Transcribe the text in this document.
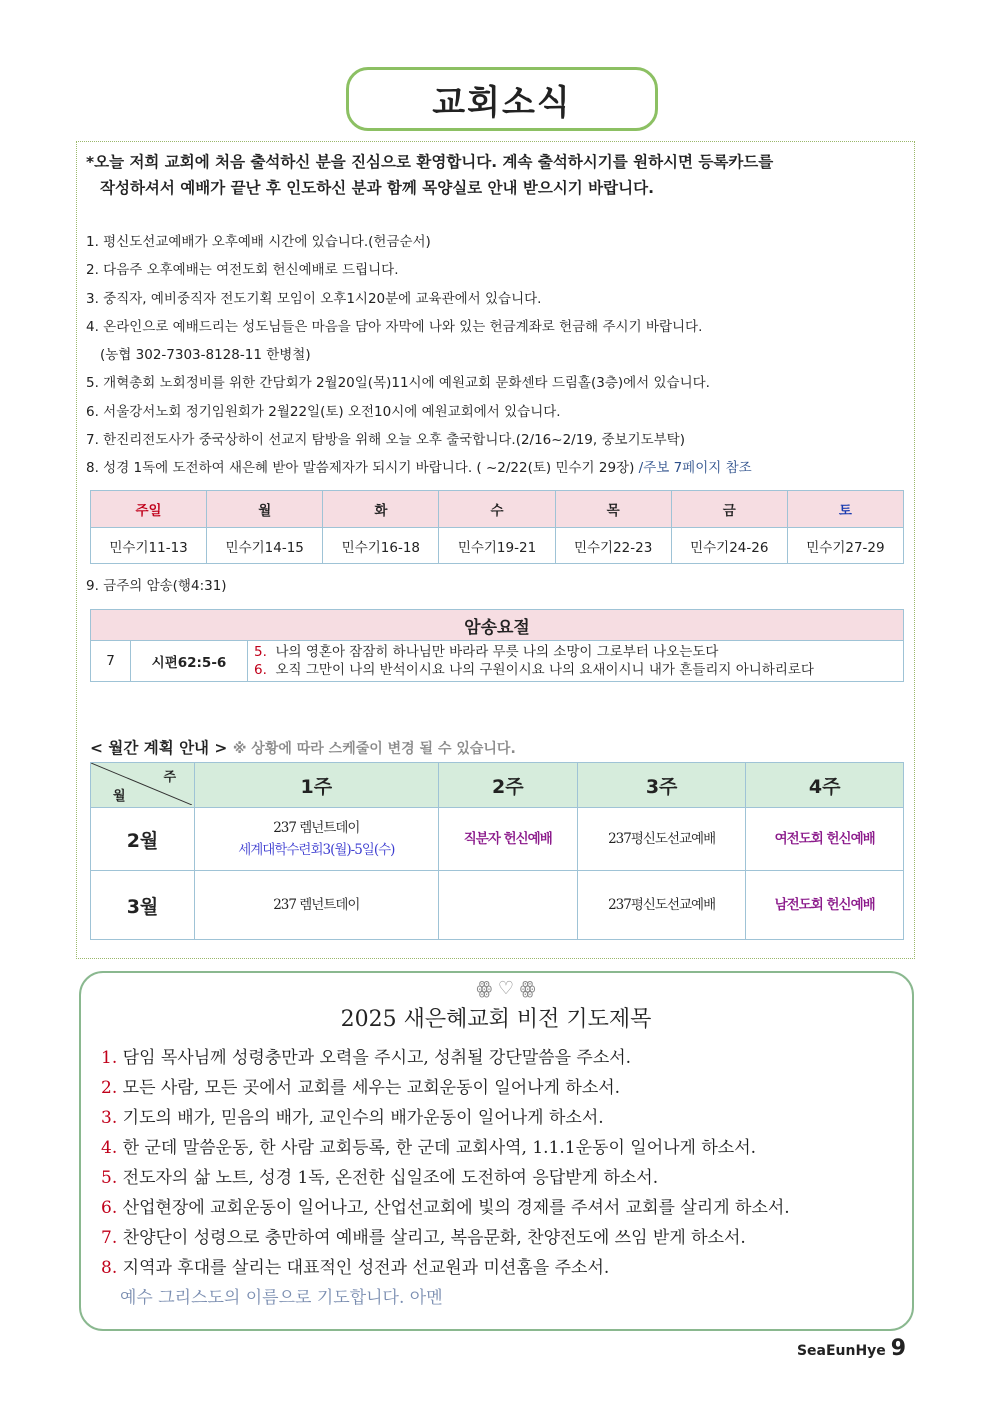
교회소식
*오늘 저희 교회에 처음 출석하신 분을 진심으로 환영합니다. 계속 출석하시기를 원하시면 등록카드를
작성하셔서 예배가 끝난 후 인도하신 분과 함께 목양실로 안내 받으시기 바랍니다.
1. 평신도선교예배가 오후예배 시간에 있습니다.(헌금순서)
2. 다음주 오후예배는 여전도회 헌신예배로 드립니다.
3. 중직자, 예비중직자 전도기획 모임이 오후1시20분에 교육관에서 있습니다.
4. 온라인으로 예배드리는 성도님들은 마음을 담아 자막에 나와 있는 헌금계좌로 헌금해 주시기 바랍니다.
(농협 302-7303-8128-11 한병철)
5. 개혁총회 노회정비를 위한 간담회가 2월20일(목)11시에 예원교회 문화센타 드림홀(3층)에서 있습니다.
6. 서울강서노회 정기임원회가 2월22일(토) 오전10시에 예원교회에서 있습니다.
7. 한진리전도사가 중국상하이 선교지 탐방을 위해 오늘 오후 출국합니다.(2/16~2/19, 중보기도부탁)
8. 성경 1독에 도전하여 새은혜 받아 말씀제자가 되시기 바랍니다. ( ~2/22(토) 민수기 29장) /주보 7페이지 참조
주일	월	화	수	목	금	토
민수기11-13	민수기14-15	민수기16-18	민수기19-21	민수기22-23	민수기24-26	민수기27-29
9. 금주의 암송(행4:31)
암송요절
7	시편62:5-6	
5. 나의 영혼아 잠잠히 하나님만 바라라 무릇 나의 소망이 그로부터 나오는도다
6. 오직 그만이 나의 반석이시요 나의 구원이시요 나의 요새이시니 내가 흔들리지 아니하리로다
< 월간 계획 안내 > ※ 상황에 따라 스케줄이 변경 될 수 있습니다.
주
월	1주	2주	3주	4주
2월	237 렘넌트데이
세계대학수련회3(월)-5일(수)	직분자 헌신예배	237평신도선교예배	여전도회 헌신예배
3월	237 렘넌트데이		237평신도선교예배	남전도회 헌신예배
ꙮ ♡ ꙮ
2025 새은혜교회 비전 기도제목
1. 담임 목사님께 성령충만과 오력을 주시고, 성취될 강단말씀을 주소서.
2. 모든 사람, 모든 곳에서 교회를 세우는 교회운동이 일어나게 하소서.
3. 기도의 배가, 믿음의 배가, 교인수의 배가운동이 일어나게 하소서.
4. 한 군데 말씀운동, 한 사람 교회등록, 한 군데 교회사역, 1.1.1운동이 일어나게 하소서.
5. 전도자의 삶 노트, 성경 1독, 온전한 십일조에 도전하여 응답받게 하소서.
6. 산업현장에 교회운동이 일어나고, 산업선교회에 빛의 경제를 주셔서 교회를 살리게 하소서.
7. 찬양단이 성령으로 충만하여 예배를 살리고, 복음문화, 찬양전도에 쓰임 받게 하소서.
8. 지역과 후대를 살리는 대표적인 성전과 선교원과 미션홈을 주소서.
예수 그리스도의 이름으로 기도합니다. 아멘
SeaEunHye 9
